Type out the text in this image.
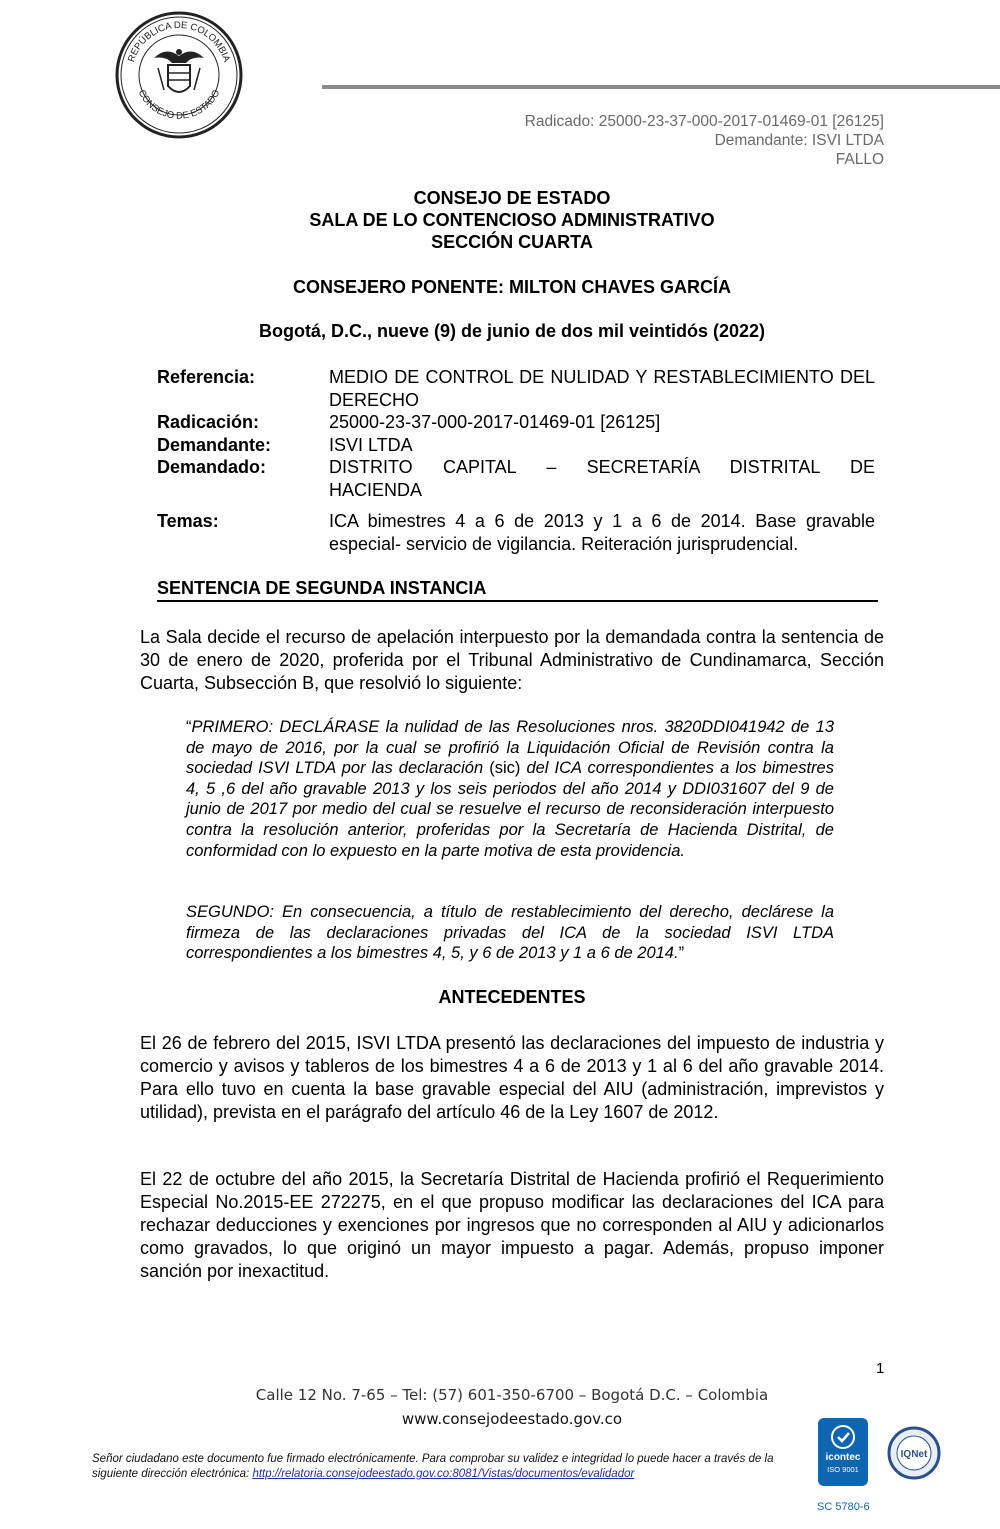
REPÚBLICA DE COLOMBIA
CONSEJO DE ESTADO
Radicado: 25000-23-37-000-2017-01469-01 [26125]
Demandante: ISVI LTDA
FALLO
CONSEJO DE ESTADO
SALA DE LO CONTENCIOSO ADMINISTRATIVO
SECCIÓN CUARTA
CONSEJERO PONENTE: MILTON CHAVES GARCÍA
Bogotá, D.C., nueve (9) de junio de dos mil veintidós (2022)
Referencia:	MEDIO DE CONTROL DE NULIDAD Y RESTABLECIMIENTO DEL DERECHO
Radicación:	25000-23-37-000-2017-01469-01 [26125]
Demandante:	ISVI LTDA
Demandado:	DISTRITO CAPITAL – SECRETARÍA DISTRITAL DE
HACIENDA
Temas:	ICA bimestres 4 a 6 de 2013 y 1 a 6 de 2014. Base gravable especial- servicio de vigilancia. Reiteración jurisprudencial.
SENTENCIA DE SEGUNDA INSTANCIA
La Sala decide el recurso de apelación interpuesto por la demandada contra la sentencia de 30 de enero de 2020, proferida por el Tribunal Administrativo de Cundinamarca, Sección Cuarta, Subsección B, que resolvió lo siguiente:
“PRIMERO: DECLÁRASE la nulidad de las Resoluciones nros. 3820DDI041942 de 13 de mayo de 2016, por la cual se profirió la Liquidación Oficial de Revisión contra la sociedad ISVI LTDA por las declaración (sic) del ICA correspondientes a los bimestres 4, 5 ,6 del año gravable 2013 y los seis periodos del año 2014 y DDI031607 del 9 de junio de 2017 por medio del cual se resuelve el recurso de reconsideración interpuesto contra la resolución anterior, proferidas por la Secretaría de Hacienda Distrital, de conformidad con lo expuesto en la parte motiva de esta providencia.
SEGUNDO: En consecuencia, a título de restablecimiento del derecho, declárese la firmeza de las declaraciones privadas del ICA de la sociedad ISVI LTDA correspondientes a los bimestres 4, 5, y 6 de 2013 y 1 a 6 de 2014.”
ANTECEDENTES
El 26 de febrero del 2015, ISVI LTDA presentó las declaraciones del impuesto de industria y comercio y avisos y tableros de los bimestres 4 a 6 de 2013 y 1 al 6 del año gravable 2014. Para ello tuvo en cuenta la base gravable especial del AIU (administración, imprevistos y utilidad), prevista en el parágrafo del artículo 46 de la Ley 1607 de 2012.
El 22 de octubre del año 2015, la Secretaría Distrital de Hacienda profirió el Requerimiento Especial No.2015-EE 272275, en el que propuso modificar las declaraciones del ICA para rechazar deducciones y exenciones por ingresos que no corresponden al AIU y adicionarlos como gravados, lo que originó un mayor impuesto a pagar. Además, propuso imponer sanción por inexactitud.
1
Calle 12 No. 7-65 – Tel: (57) 601-350-6700 – Bogotá D.C. – Colombia
www.consejodeestado.gov.co
Señor ciudadano este documento fue firmado electrónicamente. Para comprobar su validez e integridad lo puede hacer a través de la siguiente dirección electrónica: http://relatoria.consejodeestado.gov.co:8081/Vistas/documentos/evalidador
icontec
ISO 9001
IQNet
SC 5780-6
